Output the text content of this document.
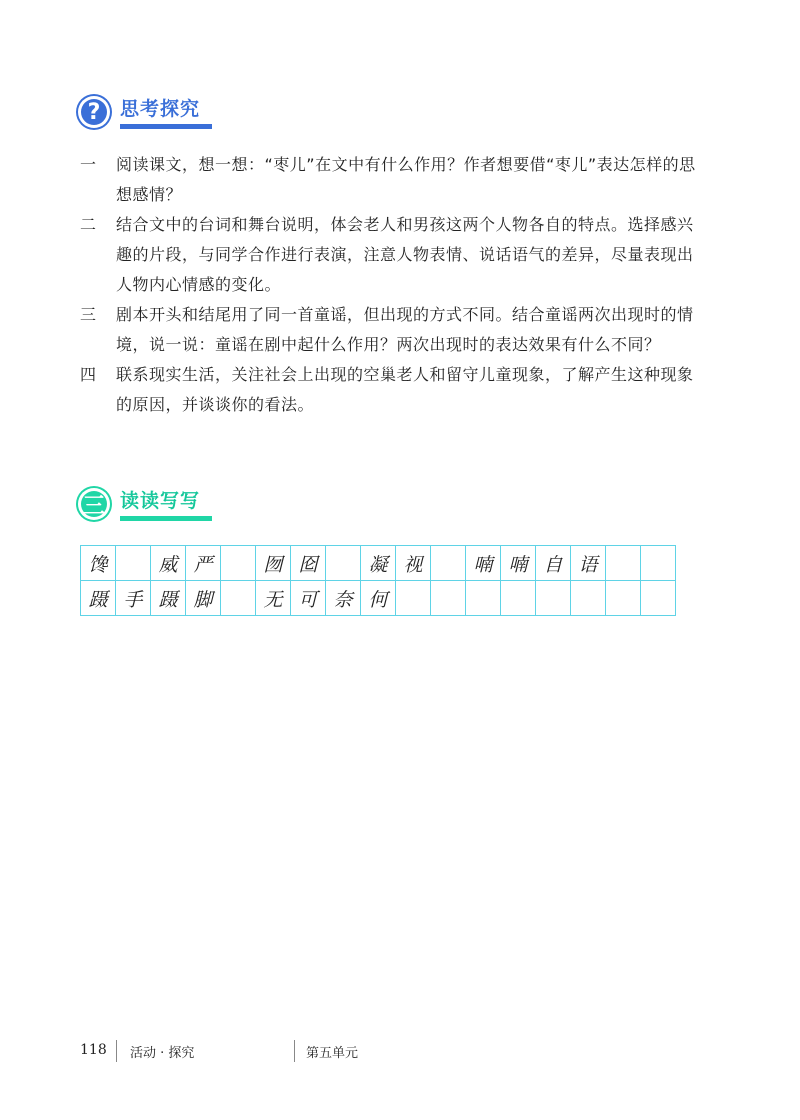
?	思考探究
一	阅读课文，想一想：“枣儿”在文中有什么作用？作者想要借“枣儿”表达怎样的思想感情？
二	结合文中的台词和舞台说明，体会老人和男孩这两个人物各自的特点。选择感兴趣的片段，与同学合作进行表演，注意人物表情、说话语气的差异，尽量表现出人物内心情感的变化。
三	剧本开头和结尾用了同一首童谣，但出现的方式不同。结合童谣两次出现时的情境，说一说：童谣在剧中起什么作用？两次出现时的表达效果有什么不同？
四	联系现实生活，关注社会上出现的空巢老人和留守儿童现象，了解产生这种现象的原因，并谈谈你的看法。
三 读读写写
馋		威	严		囫	囵		凝	视		喃	喃	自	语		
蹑	手	蹑	脚		无	可	奈	何								
118 活动 · 探究	第五单元
